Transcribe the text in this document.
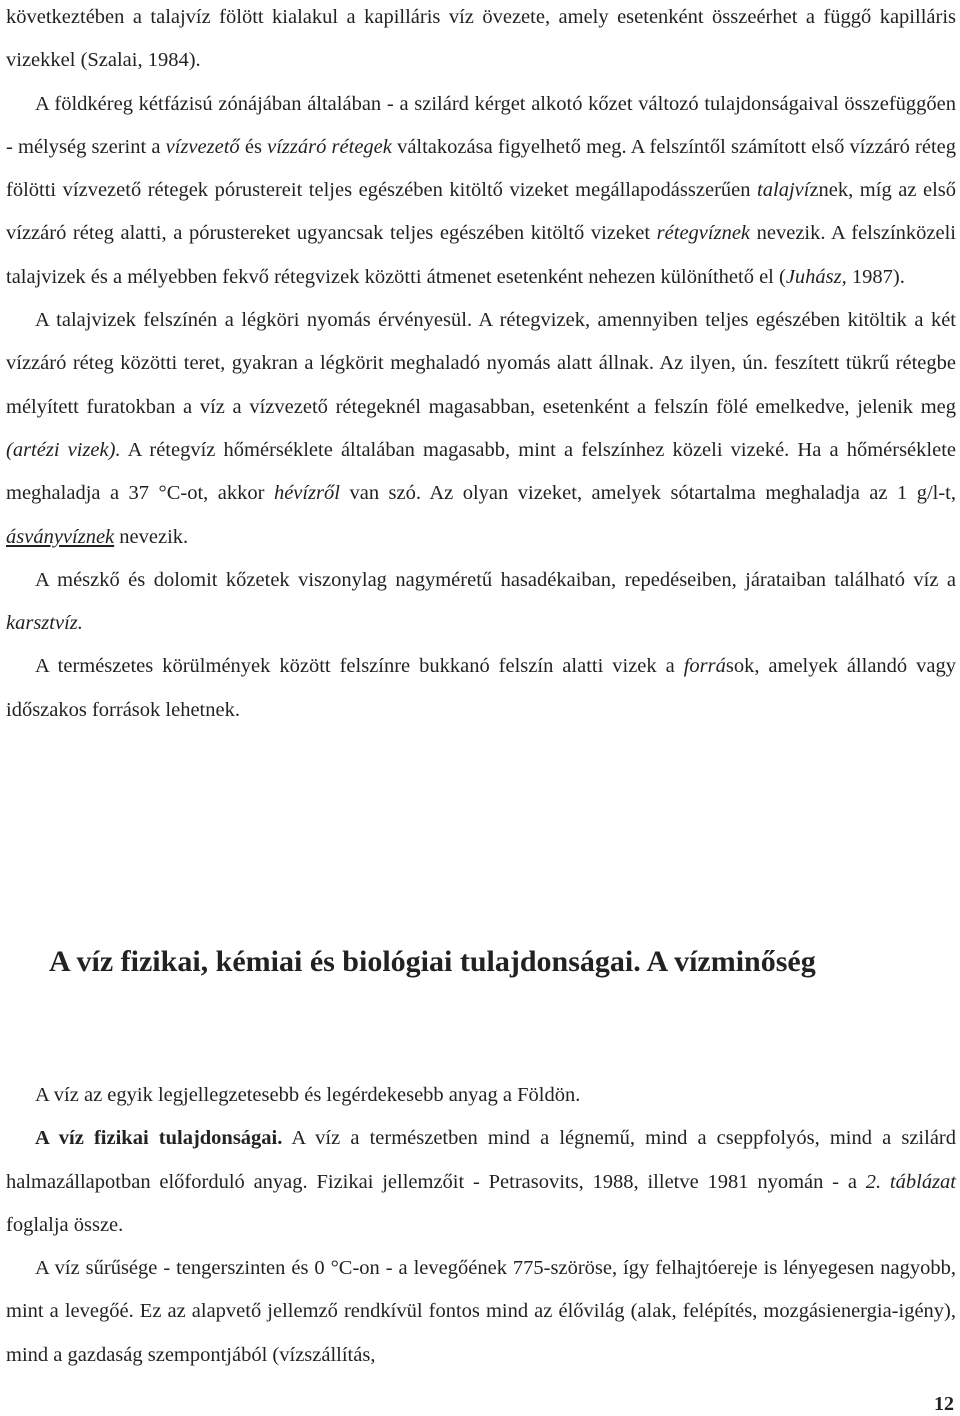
következtében a talajvíz fölött kialakul a kapilláris víz övezete, amely esetenként összeérhet a függő kapilláris vizekkel (Szalai, 1984).

A földkéreg kétfázisú zónájában általában - a szilárd kérget alkotó kőzet változó tulajdonságaival összefüggően - mélység szerint a vízvezető és vízzáró rétegek váltakozása figyelhető meg. A felszíntől számított első vízzáró réteg fölötti vízvezető rétegek pórustereit teljes egészében kitöltő vizeket megállapodásszerűen talajvíznek, míg az első vízzáró réteg alatti, a pórustereket ugyancsak teljes egészében kitöltő vizeket rétegvíznek nevezik. A felszínközeli talajvizek és a mélyebben fekvő rétegvizek közötti átmenet esetenként nehezen különíthető el (Juhász, 1987).

A talajvizek felszínén a légköri nyomás érvényesül. A rétegvizek, amennyiben teljes egészében kitöltik a két vízzáró réteg közötti teret, gyakran a légkörit meghaladó nyomás alatt állnak. Az ilyen, ún. feszített tükrű rétegbe mélyített furatokban a víz a vízvezető rétegeknél magasabban, esetenként a felszín fölé emelkedve, jelenik meg (artézi vizek). A rétegvíz hőmérséklete általában magasabb, mint a felszínhez közeli vizeké. Ha a hőmérséklete meghaladja a 37 °C-ot, akkor hévízről van szó. Az olyan vizeket, amelyek sótartalma meghaladja az 1 g/l-t, ásványvíznek nevezik.

A mészkő és dolomit kőzetek viszonylag nagyméretű hasadékaiban, repedéseiben, járataiban található víz a karsztvíz.

A természetes körülmények között felszínre bukkanó felszín alatti vizek a források, amelyek állandó vagy időszakos források lehetnek.

A víz fizikai, kémiai és biológiai tulajdonságai. A vízminőség

A víz az egyik legjellegzetesebb és legérdekesebb anyag a Földön.

A víz fizikai tulajdonságai. A víz a természetben mind a légnemű, mind a cseppfolyós, mind a szilárd halmazállapotban előforduló anyag. Fizikai jellemzőit - Petrasovits, 1988, illetve 1981 nyomán - a 2. táblázat foglalja össze.

A víz sűrűsége - tengerszinten és 0 °C-on - a levegőének 775-szöröse, így felhajtóereje is lényegesen nagyobb, mint a levegőé. Ez az alapvető jellemző rendkívül fontos mind az élővilág (alak, felépítés, mozgásienergia-igény), mind a gazdaság szempontjából (vízszállítás,

12
